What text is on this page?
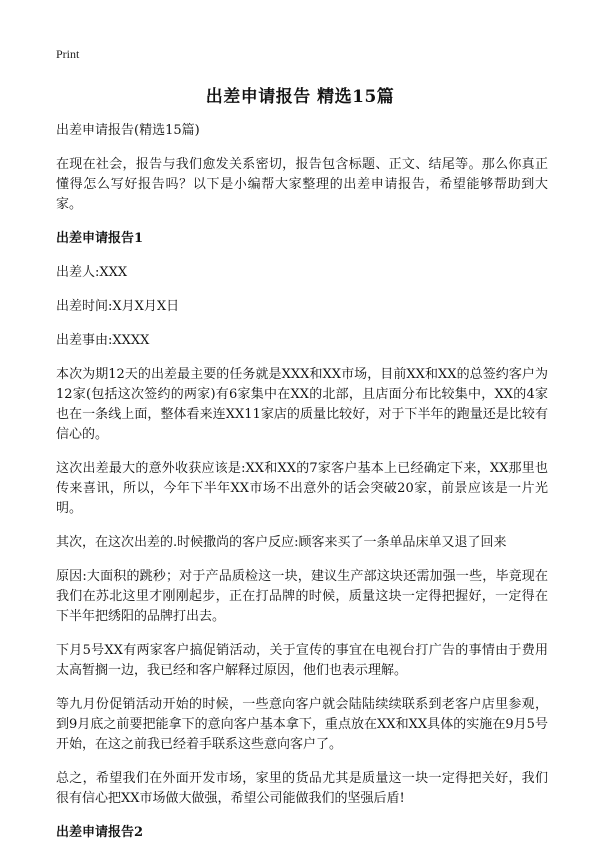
Print
出差申请报告 精选15篇

出差申请报告(精选15篇)

在现在社会，报告与我们愈发关系密切，报告包含标题、正文、结尾等。那么你真正懂得怎么写好报告吗？以下是小编帮大家整理的出差申请报告，希望能够帮助到大家。

出差申请报告1

出差人:XXX

出差时间:X月X月X日

出差事由:XXXX

本次为期12天的出差最主要的任务就是XXX和XX市场，目前XX和XX的总签约客户为12家(包括这次签约的两家)有6家集中在XX的北部，且店面分布比较集中，XX的4家也在一条线上面，整体看来连XX11家店的质量比较好，对于下半年的跑量还是比较有信心的。

这次出差最大的意外收获应该是:XX和XX的7家客户基本上已经确定下来，XX那里也传来喜讯，所以，今年下半年XX市场不出意外的话会突破20家，前景应该是一片光明。

其次，在这次出差的.时候撒尚的客户反应:顾客来买了一条单品床单又退了回来

原因:大面积的跳秒；对于产品质检这一块，建议生产部这块还需加强一些，毕竟现在我们在苏北这里才刚刚起步，正在打品牌的时候，质量这块一定得把握好，一定得在下半年把绣阳的品牌打出去。

下月5号XX有两家客户搞促销活动，关于宣传的事宜在电视台打广告的事情由于费用太高暂搁一边，我已经和客户解释过原因，他们也表示理解。

等九月份促销活动开始的时候，一些意向客户就会陆陆续续联系到老客户店里参观，到9月底之前要把能拿下的意向客户基本拿下，重点放在XX和XX具体的实施在9月5号开始，在这之前我已经着手联系这些意向客户了。

总之，希望我们在外面开发市场，家里的货品尤其是质量这一块一定得把关好，我们很有信心把XX市场做大做强，希望公司能做我们的坚强后盾!

出差申请报告2
